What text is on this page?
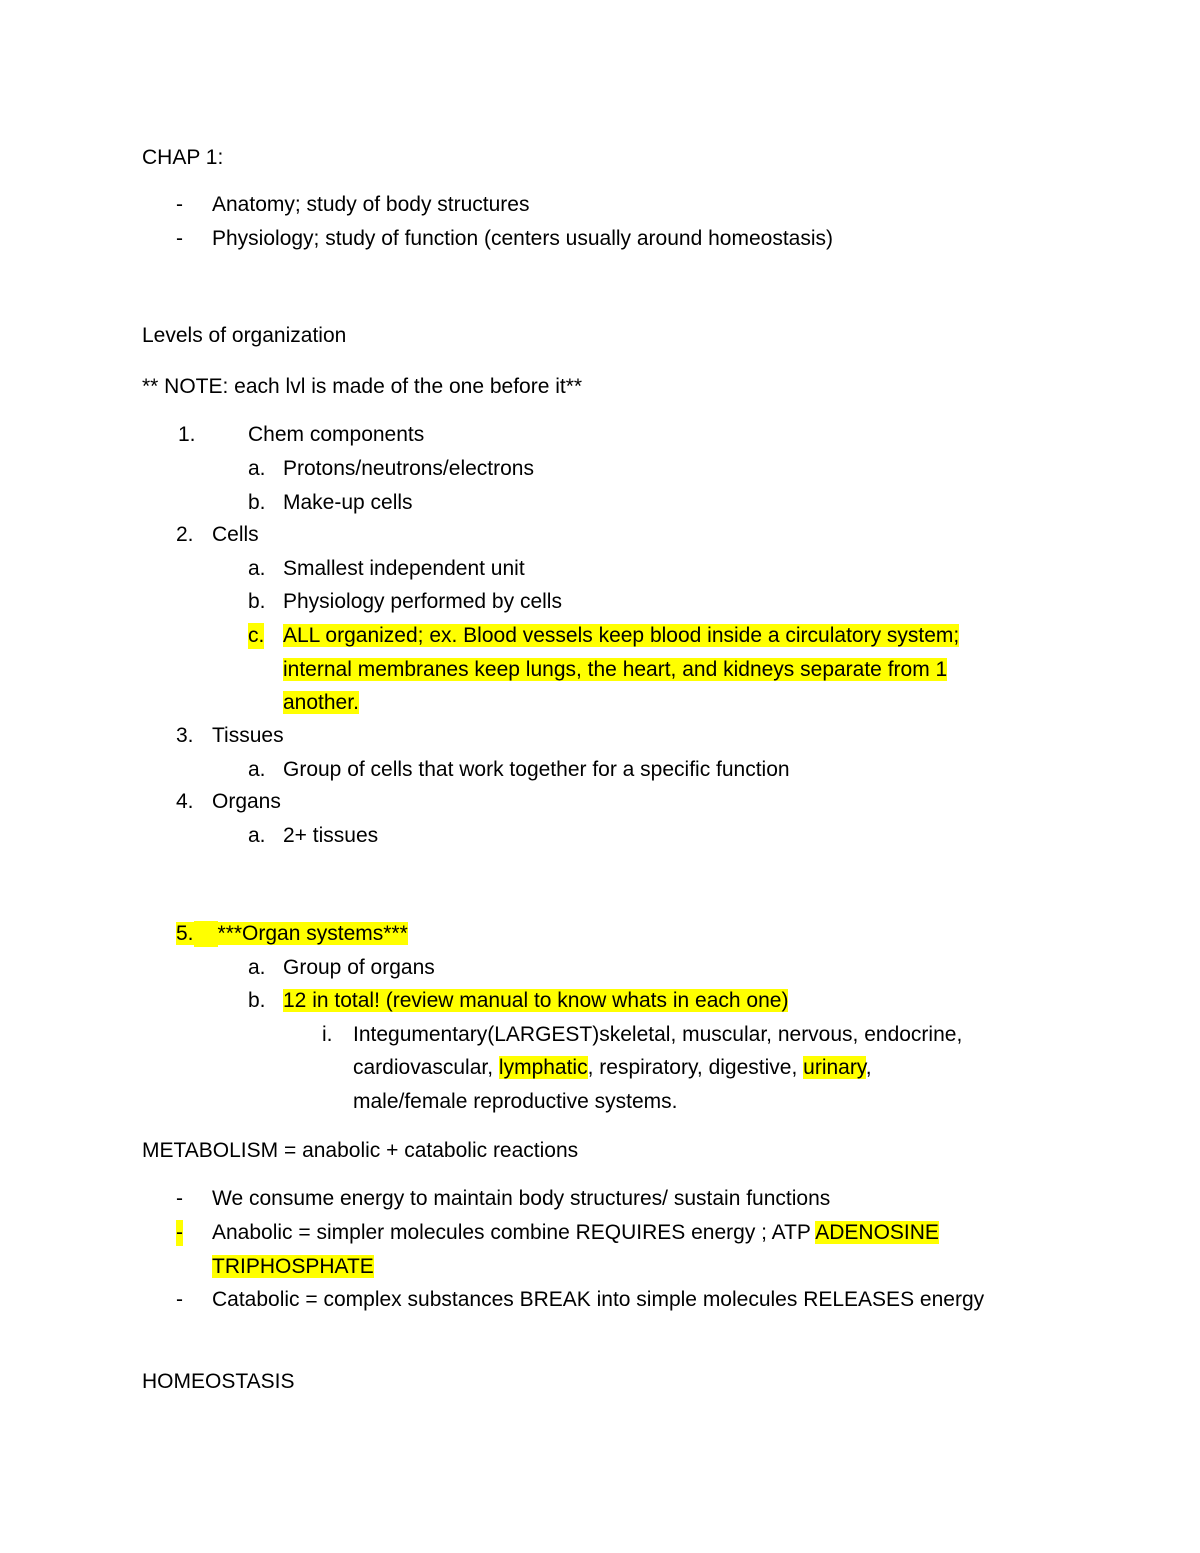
CHAP 1:
- Anatomy; study of body structures
- Physiology; study of function (centers usually around homeostasis)
Levels of organization
** NOTE: each lvl is made of the one before it**
1. Chem components
a. Protons/neutrons/electrons
b. Make-up cells
2. Cells
a. Smallest independent unit
b. Physiology performed by cells
c. ALL organized; ex. Blood vessels keep blood inside a circulatory system;
internal membranes keep lungs, the heart, and kidneys separate from 1
another.
3. Tissues
a. Group of cells that work together for a specific function
4. Organs
a. 2+ tissues
5. ***Organ systems***
a. Group of organs
b. 12 in total! (review manual to know whats in each one)
i. Integumentary(LARGEST)skeletal, muscular, nervous, endocrine,
cardiovascular, lymphatic, respiratory, digestive, urinary,
male/female reproductive systems.
METABOLISM = anabolic + catabolic reactions
- We consume energy to maintain body structures/ sustain functions
- Anabolic = simpler molecules combine REQUIRES energy ; ATP ADENOSINE
TRIPHOSPHATE
- Catabolic = complex substances BREAK into simple molecules RELEASES energy
HOMEOSTASIS
